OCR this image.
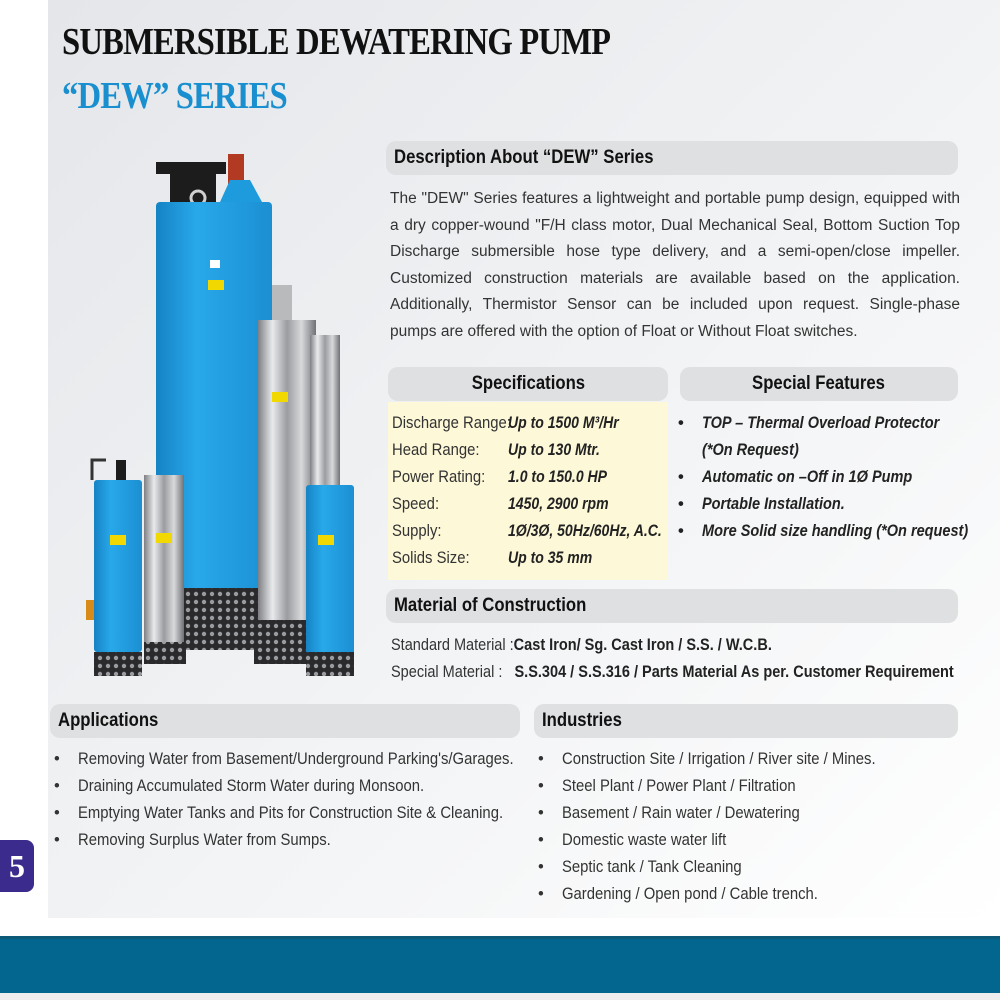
SUBMERSIBLE DEWATERING PUMP
“DEW” SERIES
Description About “DEW” Series
The "DEW" Series features a lightweight and portable pump design, equipped with a dry copper-wound "F/H class motor, Dual Mechanical Seal, Bottom Suction Top Discharge submersible hose type delivery, and a semi-open/close impeller. Customized construction materials are available based on the application. Additionally, Thermistor Sensor can be included upon request. Single-phase pumps are offered with the option of Float or Without Float switches.
Specifications
Discharge Range:Up to 1500 M³/Hr
Head Range: Up to 130 Mtr.
Power Rating: 1.0 to 150.0 HP
Speed:	1450, 2900 rpm
Supply:	1Ø/3Ø, 50Hz/60Hz, A.C.
Solids Size: Up to 35 mm
Special Features
• TOP – Thermal Overload Protector
(*On Request)
• Automatic on –Off in 1Ø Pump
• Portable Installation.
• More Solid size handling (*On request)
Material of Construction
Standard Material :Cast Iron/ Sg. Cast Iron / S.S. / W.C.B.
Special Material : S.S.304 / S.S.316 / Parts Material As per. Customer Requirement
Applications
• Removing Water from Basement/Underground Parking's/Garages.
• Draining Accumulated Storm Water during Monsoon.
• Emptying Water Tanks and Pits for Construction Site & Cleaning.
• Removing Surplus Water from Sumps.
Industries
• Construction Site / Irrigation / River site / Mines.
• Steel Plant / Power Plant / Filtration
• Basement / Rain water / Dewatering
• Domestic waste water lift
• Septic tank / Tank Cleaning
• Gardening / Open pond / Cable trench.
5
